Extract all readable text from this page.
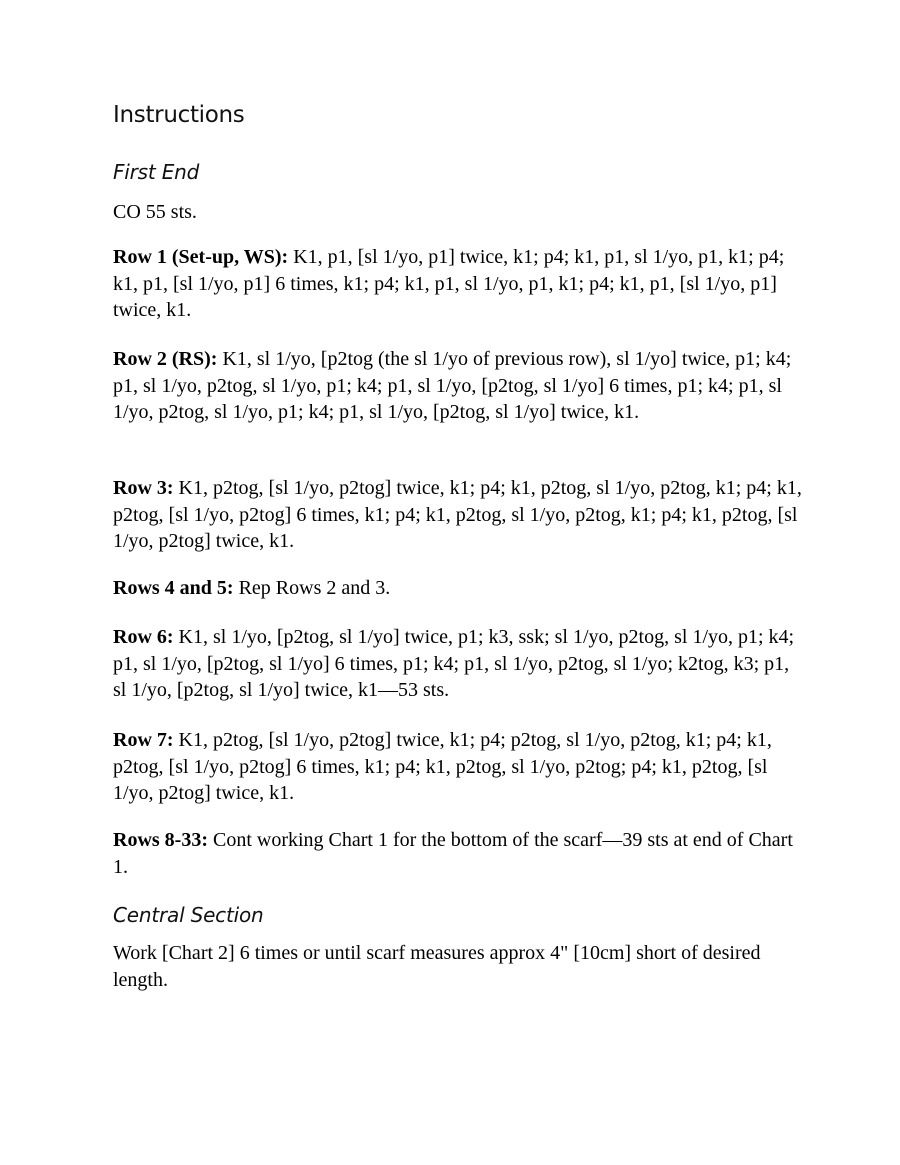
Instructions
First End

CO 55 sts.

Row 1 (Set-up, WS): K1, p1, [sl 1/yo, p1] twice, k1; p4; k1, p1, sl 1/yo, p1, k1; p4; k1, p1, [sl 1/yo, p1] 6 times, k1; p4; k1, p1, sl 1/yo, p1, k1; p4; k1, p1, [sl 1/yo, p1] twice, k1.

Row 2 (RS): K1, sl 1/yo, [p2tog (the sl 1/yo of previous row), sl 1/yo] twice, p1; k4; p1, sl 1/yo, p2tog, sl 1/yo, p1; k4; p1, sl 1/yo, [p2tog, sl 1/yo] 6 times, p1; k4; p1, sl 1/yo, p2tog, sl 1/yo, p1; k4; p1, sl 1/yo, [p2tog, sl 1/yo] twice, k1.

Row 3: K1, p2tog, [sl 1/yo, p2tog] twice, k1; p4; k1, p2tog, sl 1/yo, p2tog, k1; p4; k1, p2tog, [sl 1/yo, p2tog] 6 times, k1; p4; k1, p2tog, sl 1/yo, p2tog, k1; p4; k1, p2tog, [sl 1/yo, p2tog] twice, k1.

Rows 4 and 5: Rep Rows 2 and 3.

Row 6: K1, sl 1/yo, [p2tog, sl 1/yo] twice, p1; k3, ssk; sl 1/yo, p2tog, sl 1/yo, p1; k4; p1, sl 1/yo, [p2tog, sl 1/yo] 6 times, p1; k4; p1, sl 1/yo, p2tog, sl 1/yo; k2tog, k3; p1, sl 1/yo, [p2tog, sl 1/yo] twice, k1—53 sts.

Row 7: K1, p2tog, [sl 1/yo, p2tog] twice, k1; p4; p2tog, sl 1/yo, p2tog, k1; p4; k1, p2tog, [sl 1/yo, p2tog] 6 times, k1; p4; k1, p2tog, sl 1/yo, p2tog; p4; k1, p2tog, [sl 1/yo, p2tog] twice, k1.

Rows 8-33: Cont working Chart 1 for the bottom of the scarf—39 sts at end of Chart 1.

Central Section

Work [Chart 2] 6 times or until scarf measures approx 4" [10cm] short of desired length.
